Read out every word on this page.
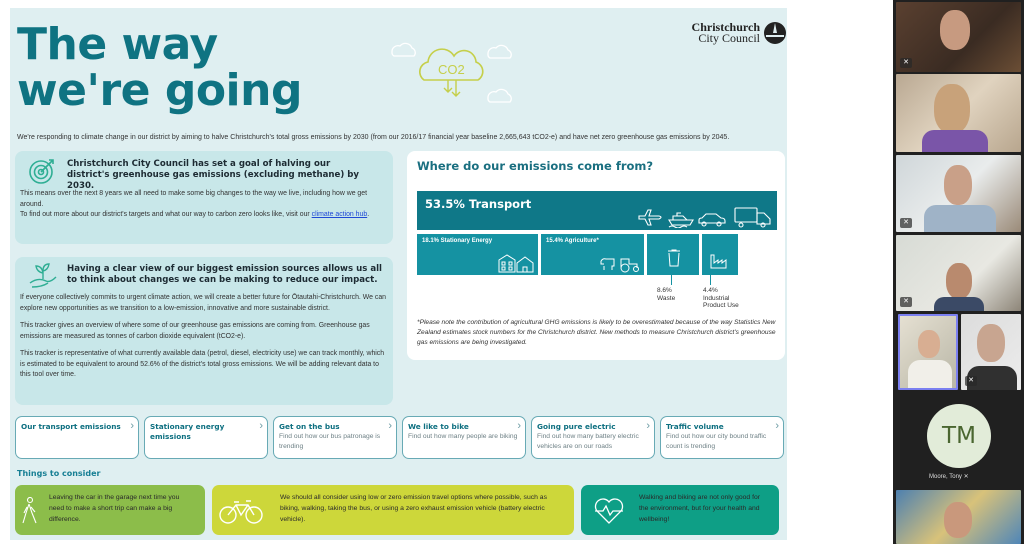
The way
we're going	CO2
Christchurch
City Council
We're responding to climate change in our district by aiming to halve Christchurch's total gross emissions by 2030 (from our 2016/17 financial year baseline 2,665,643 tCO2-e) and have net zero greenhouse gas emissions by 2045.
Christchurch City Council has set a goal of halving our district's greenhouse gas emissions (excluding methane) by 2030.
This means over the next 8 years we all need to make some big changes to the way we live, including how we get around.
To find out more about our district's targets and what our way to carbon zero looks like, visit our climate action hub.
Having a clear view of our biggest emission sources allows us all to think about changes we can be making to reduce our impact.

If everyone collectively commits to urgent climate action, we will create a better future for Ōtautahi-Christchurch. We can explore new opportunities as we transition to a low-emission, innovative and more sustainable district.

This tracker gives an overview of where some of our greenhouse gas emissions are coming from. Greenhouse gas emissions are measured as tonnes of carbon dioxide equivalent (tCO2-e).

This tracker is representative of what currently available data (petrol, diesel, electricity use) we can track monthly, which is estimated to be equivalent to around 52.6% of the district's total gross emissions. We will be adding relevant data to this tool over time.

Where do our emissions come from?
53.5% Transport
18.1% Stationary Energy	15.4% Agriculture*
8.6%
Waste
4.4%
Industrial Product Use
*Please note the contribution of agricultural GHG emissions is likely to be overestimated because of the way Statistics New Zealand estimates stock numbers for the Christchurch district. New methods to measure Christchurch district's greenhouse gas emissions are being investigated.
Our transport emissions › Stationary energy emissions
› Get on the bus
Find out how our bus patronage is trending
› We like to bike
Find out how many people are biking
› Going pure electric
Find out how many battery electric vehicles are on our roads
› Traffic volume
Find out how our city bound traffic count is trending
›
Things to consider
Leaving the car in the garage next time you need to make a short trip can make a big difference.
We should all consider using low or zero emission travel options where possible, such as biking, walking, taking the bus, or using a zero exhaust emission vehicle (battery electric vehicle).
Walking and biking are not only good for the environment, but for your health and wellbeing!
✕
✕
✕
✕
TM
Moore, Tony ✕
